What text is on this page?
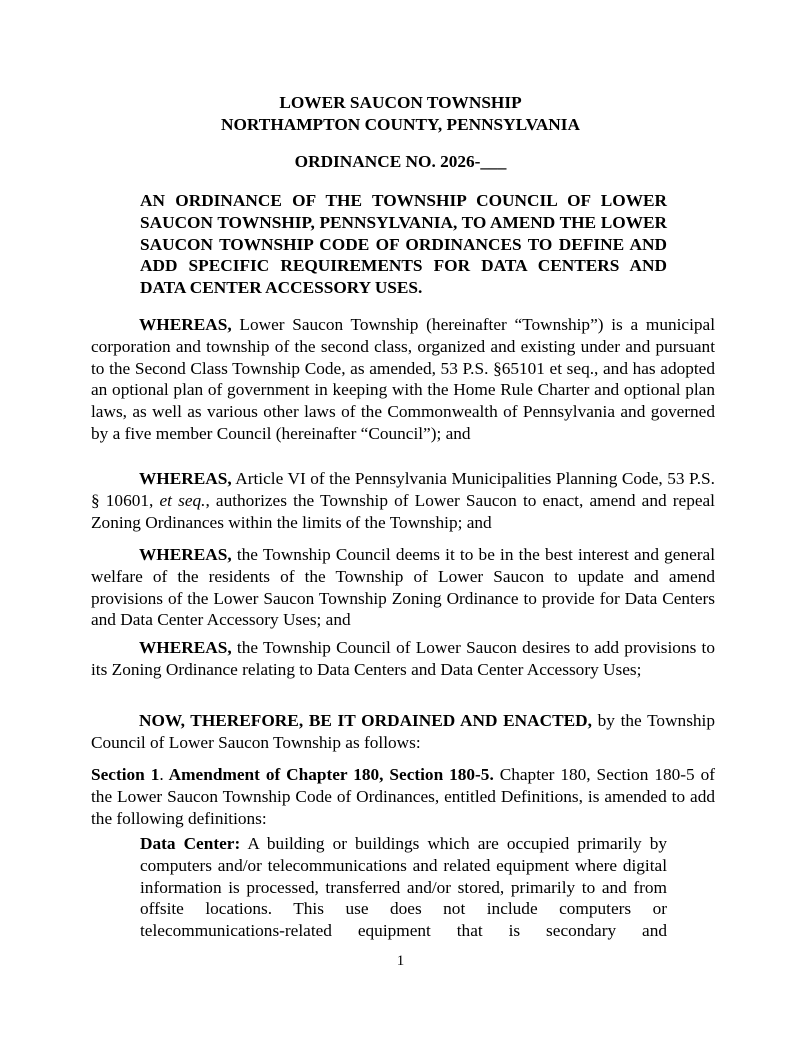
LOWER SAUCON TOWNSHIP
NORTHAMPTON COUNTY, PENNSYLVANIA
ORDINANCE NO. 2026-___
AN ORDINANCE OF THE TOWNSHIP COUNCIL OF LOWER SAUCON TOWNSHIP, PENNSYLVANIA, TO AMEND THE LOWER SAUCON TOWNSHIP CODE OF ORDINANCES TO DEFINE AND ADD SPECIFIC REQUIREMENTS FOR DATA CENTERS AND DATA CENTER ACCESSORY USES.
WHEREAS, Lower Saucon Township (hereinafter “Township”) is a municipal corporation and township of the second class, organized and existing under and pursuant to the Second Class Township Code, as amended, 53 P.S. §65101 et seq., and has adopted an optional plan of government in keeping with the Home Rule Charter and optional plan laws, as well as various other laws of the Commonwealth of Pennsylvania and governed by a five member Council (hereinafter “Council”); and
WHEREAS, Article VI of the Pennsylvania Municipalities Planning Code, 53 P.S. § 10601, et seq., authorizes the Township of Lower Saucon to enact, amend and repeal Zoning Ordinances within the limits of the Township; and
WHEREAS, the Township Council deems it to be in the best interest and general welfare of the residents of the Township of Lower Saucon to update and amend provisions of the Lower Saucon Township Zoning Ordinance to provide for Data Centers and Data Center Accessory Uses; and
WHEREAS, the Township Council of Lower Saucon desires to add provisions to its Zoning Ordinance relating to Data Centers and Data Center Accessory Uses;
NOW, THEREFORE, BE IT ORDAINED AND ENACTED, by the Township Council of Lower Saucon Township as follows:
Section 1. Amendment of Chapter 180, Section 180-5. Chapter 180, Section 180-5 of the Lower Saucon Township Code of Ordinances, entitled Definitions, is amended to add the following definitions:
Data Center: A building or buildings which are occupied primarily by computers and/or telecommunications and related equipment where digital information is processed, transferred and/or stored, primarily to and from offsite locations. This use does not include computers or telecommunications-related equipment that is secondary and
1
